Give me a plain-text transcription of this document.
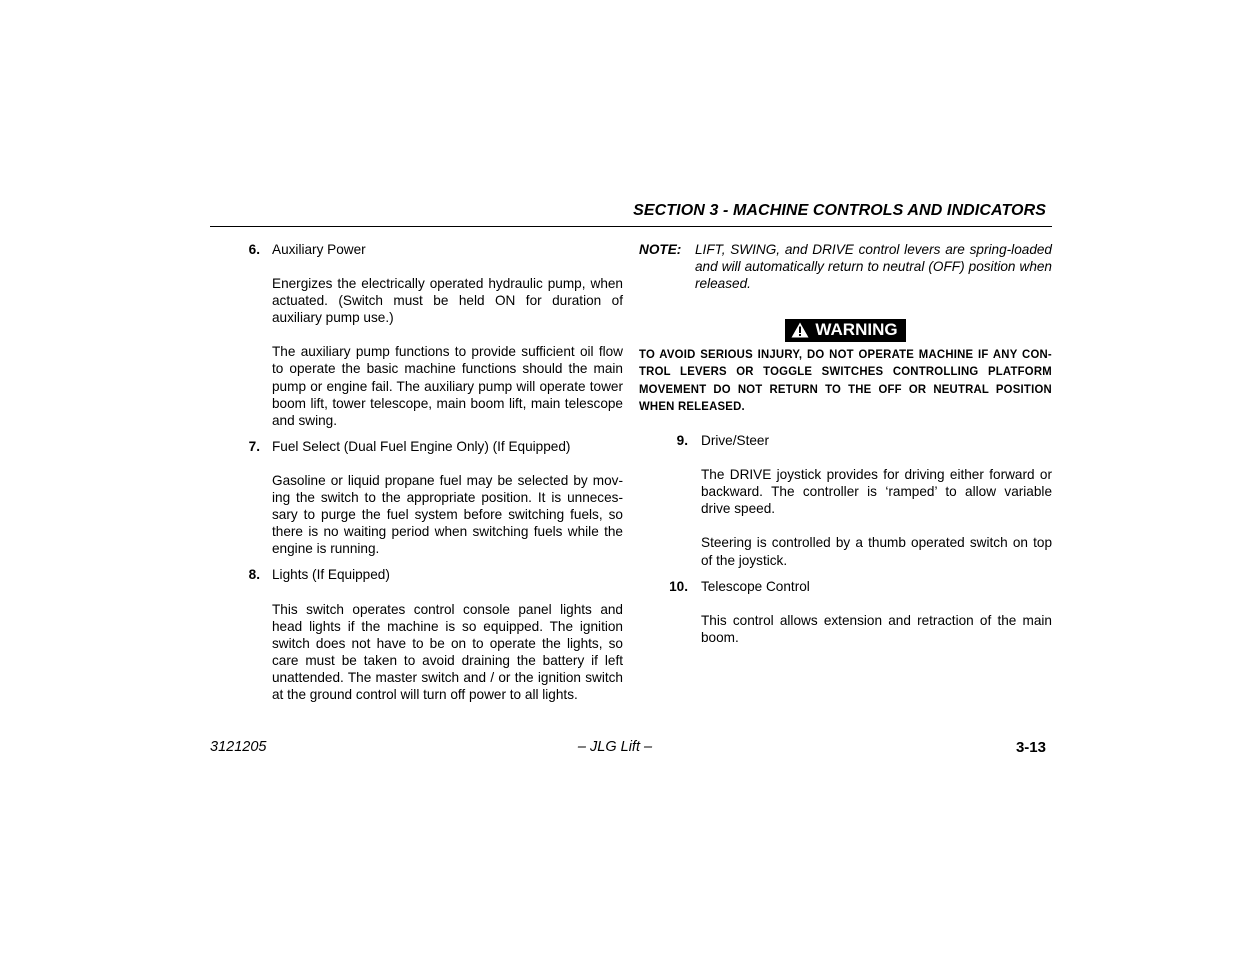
SECTION 3 - MACHINE CONTROLS AND INDICATORS
6. Auxiliary Power
Energizes the electrically operated hydraulic pump, when actuated. (Switch must be held ON for duration of auxiliary pump use.)
The auxiliary pump functions to provide sufficient oil flow to operate the basic machine functions should the main pump or engine fail. The auxiliary pump will operate tower boom lift, tower telescope, main boom lift, main telescope and swing.
7. Fuel Select (Dual Fuel Engine Only) (If Equipped)
Gasoline or liquid propane fuel may be selected by mov-ing the switch to the appropriate position. It is unneces-sary to purge the fuel system before switching fuels, so there is no waiting period when switching fuels while the engine is running.
8. Lights (If Equipped)
This switch operates control console panel lights and head lights if the machine is so equipped. The ignition switch does not have to be on to operate the lights, so care must be taken to avoid draining the battery if left unattended. The master switch and / or the ignition switch at the ground control will turn off power to all lights.
NOTE: LIFT, SWING, and DRIVE control levers are spring-loaded and will automatically return to neutral (OFF) position when released.
WARNING
TO AVOID SERIOUS INJURY, DO NOT OPERATE MACHINE IF ANY CON-TROL LEVERS OR TOGGLE SWITCHES CONTROLLING PLATFORM MOVEMENT DO NOT RETURN TO THE OFF OR NEUTRAL POSITION WHEN RELEASED.
9. Drive/Steer
The DRIVE joystick provides for driving either forward or backward. The controller is ‘ramped’ to allow variable drive speed.
Steering is controlled by a thumb operated switch on top of the joystick.
10. Telescope Control
This control allows extension and retraction of the main boom.
3121205	– JLG Lift –	3-13
